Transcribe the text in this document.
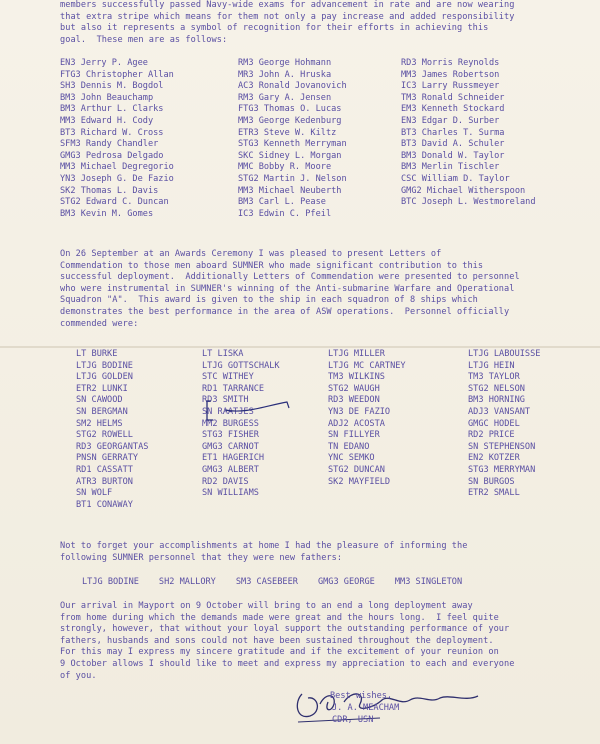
members successfully passed Navy-wide exams for advancement in rate and are now wearing
that extra stripe which means for them not only a pay increase and added responsibility
but also it represents a symbol of recognition for their efforts in achieving this
goal.  These men are as follows:
EN3 Jerry P. Agee
FTG3 Christopher Allan
SH3 Dennis M. Bogdol
BM3 John Beauchamp
BM3 Arthur L. Clarks
MM3 Edward H. Cody
BT3 Richard W. Cross
SFM3 Randy Chandler
GMG3 Pedrosa Delgado
MM3 Michael Degregorio
YN3 Joseph G. De Fazio
SK2 Thomas L. Davis
STG2 Edward C. Duncan
BM3 Kevin M. Gomes
RM3 George Hohmann
MR3 John A. Hruska
AC3 Ronald Jovanovich
RM3 Gary A. Jensen
FTG3 Thomas O. Lucas
MM3 George Kedenburg
ETR3 Steve W. Kiltz
STG3 Kenneth Merryman
SKC Sidney L. Morgan
MMC Bobby R. Moore
STG2 Martin J. Nelson
MM3 Michael Neuberth
BM3 Carl L. Pease
IC3 Edwin C. Pfeil
RD3 Morris Reynolds
MM3 James Robertson
IC3 Larry Russmeyer
TM3 Ronald Schneider
EM3 Kenneth Stockard
EN3 Edgar D. Surber
BT3 Charles T. Surma
BT3 David A. Schuler
BM3 Donald W. Taylor
BM3 Merlin Tischler
CSC William D. Taylor
GMG2 Michael Witherspoon
BTC Joseph L. Westmoreland
On 26 September at an Awards Ceremony I was pleased to present Letters of
Commendation to those men aboard SUMNER who made significant contribution to this
successful deployment.  Additionally Letters of Commendation were presented to personnel
who were instrumental in SUMNER's winning of the Anti-submarine Warfare and Operational
Squadron "A".  This award is given to the ship in each squadron of 8 ships which
demonstrates the best performance in the area of ASW operations.  Personnel officially
commended were:
LT BURKE
LTJG BODINE
LTJG GOLDEN
ETR2 LUNKI
SN CAWOOD
SN BERGMAN
SM2 HELMS
STG2 ROWELL
RD3 GEORGANTAS
PNSN GERRATY
RD1 CASSATT
ATR3 BURTON
SN WOLF
BT1 CONAWAY
LT LISKA
LTJG GOTTSCHALK
STC WITHEY
RD1 TARRANCE
RD3 SMITH
SN RAATJES
MM2 BURGESS
STG3 FISHER
GMG3 CARNOT
ET1 HAGERICH
GMG3 ALBERT
RD2 DAVIS
SN WILLIAMS
LTJG MILLER
LTJG MC CARTNEY
TM3 WILKINS
STG2 WAUGH
RD3 WEEDON
YN3 DE FAZIO
ADJ2 ACOSTA
SN FILLYER
TN EDANO
YNC SEMKO
STG2 DUNCAN
SK2 MAYFIELD
LTJG LABOUISSE
LTJG HEIN
TM3 TAYLOR
STG2 NELSON
BM3 HORNING
ADJ3 VANSANT
GMGC HODEL
RD2 PRICE
SN STEPHENSON
EN2 KOTZER
STG3 MERRYMAN
SN BURGOS
ETR2 SMALL
Not to forget your accomplishments at home I had the pleasure of informing the
following SUMNER personnel that they were new fathers:
LTJG BODINE SH2 MALLORY SM3 CASEBEER GMG3 GEORGE MM3 SINGLETON
Our arrival in Mayport on 9 October will bring to an end a long deployment away
from home during which the demands made were great and the hours long.  I feel quite
strongly, however, that without your loyal support the outstanding performance of your
fathers, husbands and sons could not have been sustained throughout the deployment.
For this may I express my sincere gratitude and if the excitement of your reunion on
9 October allows I should like to meet and express my appreciation to each and everyone
of you.
Best wishes,
J. A. MEACHAM
CDR, USN
